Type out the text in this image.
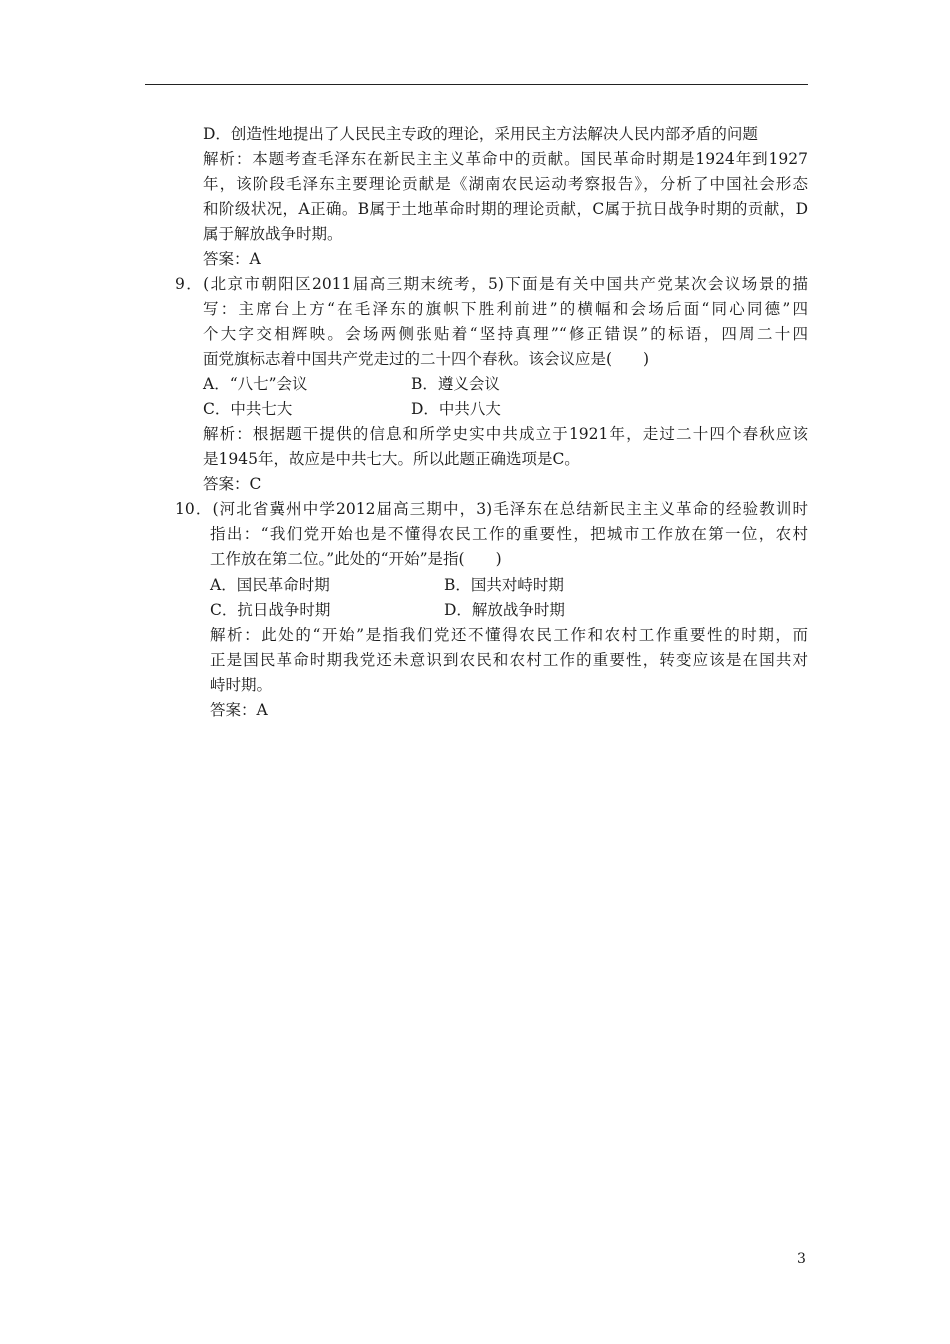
D．创造性地提出了人民民主专政的理论，采用民主方法解决人民内部矛盾的问题
解析：本题考查毛泽东在新民主主义革命中的贡献。国民革命时期是1924年到1927
年，该阶段毛泽东主要理论贡献是《湖南农民运动考察报告》，分析了中国社会形态
和阶级状况，A正确。B属于土地革命时期的理论贡献，C属于抗日战争时期的贡献，D
属于解放战争时期。
答案：A
9．(北京市朝阳区2011届高三期末统考，5)下面是有关中国共产党某次会议场景的描
写：主席台上方“在毛泽东的旗帜下胜利前进”的横幅和会场后面“同心同德”四
个大字交相辉映。会场两侧张贴着“坚持真理”“修正错误”的标语，四周二十四
面党旗标志着中国共产党走过的二十四个春秋。该会议应是(　　)
A．“八七”会议	B．遵义会议
C．中共七大	D．中共八大
解析：根据题干提供的信息和所学史实中共成立于1921年，走过二十四个春秋应该
是1945年，故应是中共七大。所以此题正确选项是C。
答案：C
10．(河北省冀州中学2012届高三期中，3)毛泽东在总结新民主主义革命的经验教训时
指出：“我们党开始也是不懂得农民工作的重要性，把城市工作放在第一位，农村
工作放在第二位。”此处的“开始”是指(　　)
A．国民革命时期	B．国共对峙时期
C．抗日战争时期	D．解放战争时期
解析：此处的“开始”是指我们党还不懂得农民工作和农村工作重要性的时期，而
正是国民革命时期我党还未意识到农民和农村工作的重要性，转变应该是在国共对
峙时期。
答案：A
3
